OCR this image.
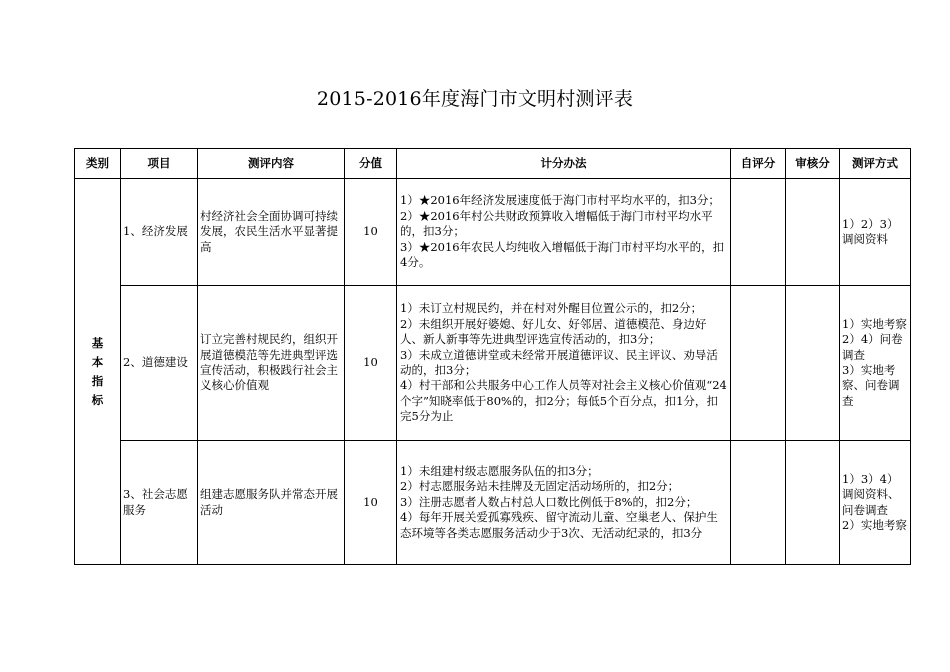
2015-2016年度海门市文明村测评表
类别	项目	测评内容	分值	计分办法	自评分	审核分	测评方式

基
本
指
标	1、经济发展	村经济社会全面协调可持续发展，农民生活水平显著提高	10	1）★2016年经济发展速度低于海门市村平均水平的，扣3分；
2）★2016年村公共财政预算收入增幅低于海门市村平均水平的，扣3分；
3）★2016年农民人均纯收入增幅低于海门市村平均水平的，扣4分。			1）2）3）调阅资料

	2、道德建设	订立完善村规民约，组织开展道德模范等先进典型评选宣传活动，积极践行社会主义核心价值观	10	1）未订立村规民约，并在村对外醒目位置公示的，扣2分；
2）未组织开展好婆媳、好儿女、好邻居、道德模范、身边好人、新人新事等先进典型评选宣传活动的，扣3分；
3）未成立道德讲堂或未经常开展道德评议、民主评议、劝导活动的，扣3分；
4）村干部和公共服务中心工作人员等对社会主义核心价值观“24个字”知晓率低于80%的，扣2分；每低5个百分点，扣1分，扣完5分为止			1）实地考察
2）4）问卷调查
3）实地考察、问卷调查

	3、社会志愿服务	组建志愿服务队并常态开展活动	10	1）未组建村级志愿服务队伍的扣3分；
2）村志愿服务站未挂牌及无固定活动场所的，扣2分；
3）注册志愿者人数占村总人口数比例低于8%的，扣2分；
4）每年开展关爱孤寡残疾、留守流动儿童、空巢老人、保护生态环境等各类志愿服务活动少于3次、无活动纪录的，扣3分			1）3）4）调阅资料、问卷调查
2）实地考察
